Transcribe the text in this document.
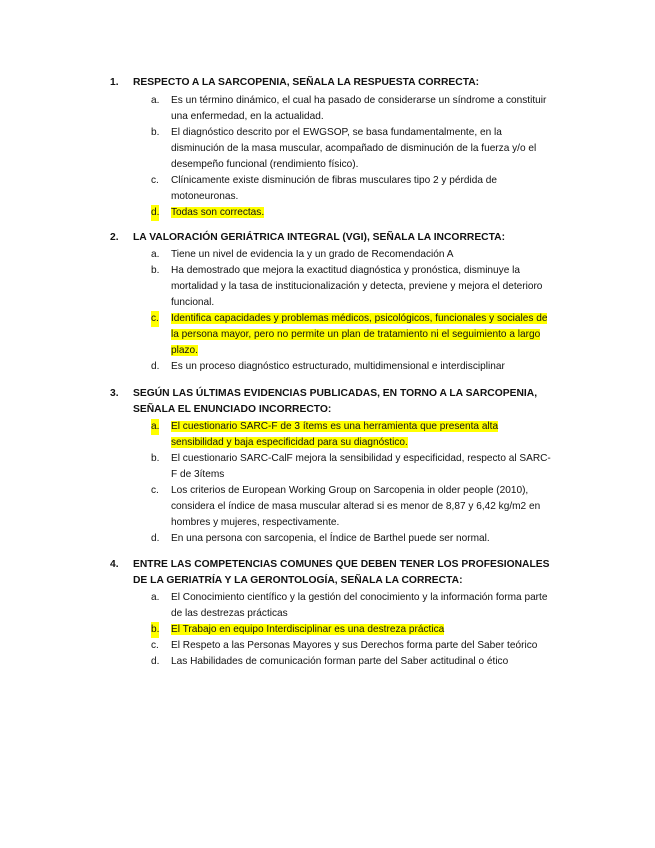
1. RESPECTO A LA SARCOPENIA, SEÑALA LA RESPUESTA CORRECTA:
a. Es un término dinámico, el cual ha pasado de considerarse un síndrome a constituir una enfermedad, en la actualidad.
b. El diagnóstico descrito por el EWGSOP, se basa fundamentalmente, en la disminución de la masa muscular, acompañado de disminución de la fuerza y/o el desempeño funcional (rendimiento físico).
c. Clínicamente existe disminución de fibras musculares tipo 2 y pérdida de motoneuronas.
d. Todas son correctas.
2. LA VALORACIÓN GERIÁTRICA INTEGRAL (VGI), SEÑALA LA INCORRECTA:
a. Tiene un nivel de evidencia Ia y un grado de Recomendación A
b. Ha demostrado que mejora la exactitud diagnóstica y pronóstica, disminuye la mortalidad y la tasa de institucionalización y detecta, previene y mejora el deterioro funcional.
c. Identifica capacidades y problemas médicos, psicológicos, funcionales y sociales de la persona mayor, pero no permite un plan de tratamiento ni el seguimiento a largo plazo.
d. Es un proceso diagnóstico estructurado, multidimensional e interdisciplinar
3. SEGÚN LAS ÚLTIMAS EVIDENCIAS PUBLICADAS, EN TORNO A LA SARCOPENIA, SEÑALA EL ENUNCIADO INCORRECTO:
a. El cuestionario SARC-F de 3 ítems es una herramienta que presenta alta sensibilidad y baja especificidad para su diagnóstico.
b. El cuestionario SARC-CalF mejora la sensibilidad y especificidad, respecto al SARC-F de 3ítems
c. Los criterios de European Working Group on Sarcopenia in older people (2010), considera el índice de masa muscular alterad si es menor de 8,87 y 6,42 kg/m2 en hombres y mujeres, respectivamente.
d. En una persona con sarcopenia, el Índice de Barthel puede ser normal.
4. ENTRE LAS COMPETENCIAS COMUNES QUE DEBEN TENER LOS PROFESIONALES DE LA GERIATRÍA Y LA GERONTOLOGÍA, SEÑALA LA CORRECTA:
a. El Conocimiento científico y la gestión del conocimiento y la información forma parte de las destrezas prácticas
b. El Trabajo en equipo Interdisciplinar es una destreza práctica
c. El Respeto a las Personas Mayores y sus Derechos forma parte del Saber teórico
d. Las Habilidades de comunicación forman parte del Saber actitudinal o ético
